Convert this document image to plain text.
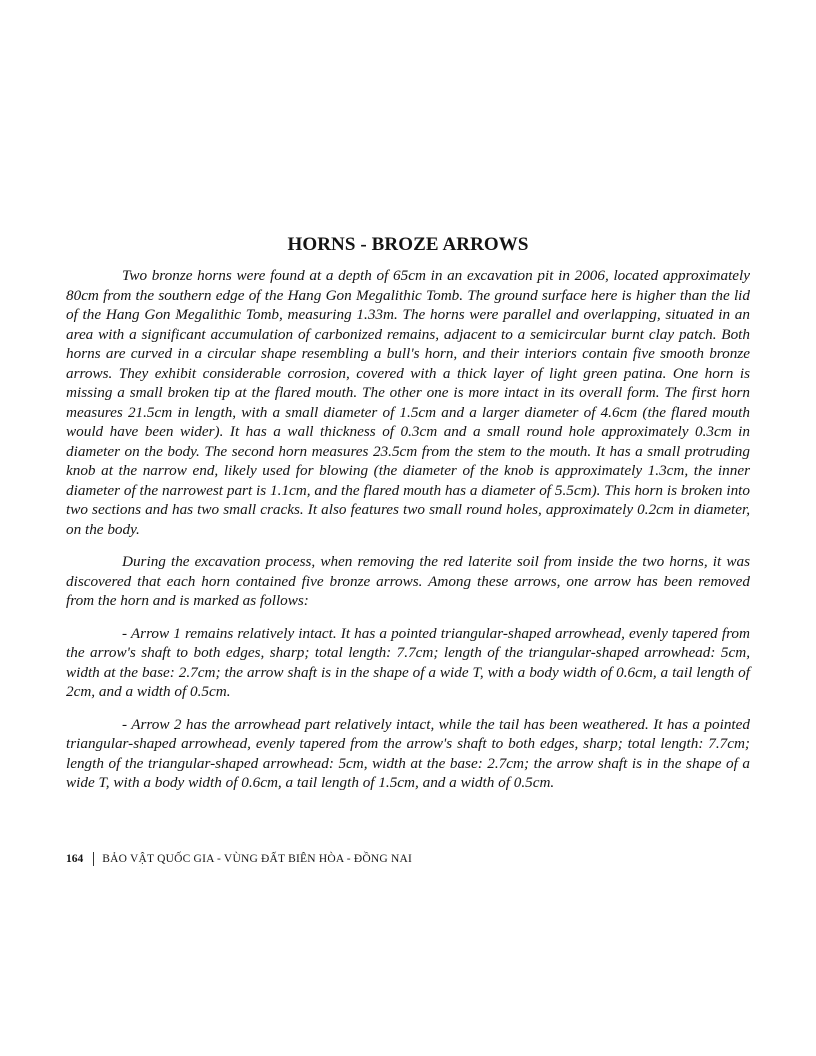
HORNS - BROZE ARROWS

Two bronze horns were found at a depth of 65cm in an excavation pit in 2006, located approximately 80cm from the southern edge of the Hang Gon Megalithic Tomb. The ground surface here is higher than the lid of the Hang Gon Megalithic Tomb, measuring 1.33m. The horns were parallel and overlapping, situated in an area with a significant accumulation of carbonized remains, adjacent to a semicircular burnt clay patch. Both horns are curved in a circular shape resembling a bull's horn, and their interiors contain five smooth bronze arrows. They exhibit considerable corrosion, covered with a thick layer of light green patina. One horn is missing a small broken tip at the flared mouth. The other one is more intact in its overall form. The first horn measures 21.5cm in length, with a small diameter of 1.5cm and a larger diameter of 4.6cm (the flared mouth would have been wider). It has a wall thickness of 0.3cm and a small round hole approximately 0.3cm in diameter on the body. The second horn measures 23.5cm from the stem to the mouth. It has a small protruding knob at the narrow end, likely used for blowing (the diameter of the knob is approximately 1.3cm, the inner diameter of the narrowest part is 1.1cm, and the flared mouth has a diameter of 5.5cm). This horn is broken into two sections and has two small cracks. It also features two small round holes, approximately 0.2cm in diameter, on the body.

During the excavation process, when removing the red laterite soil from inside the two horns, it was discovered that each horn contained five bronze arrows. Among these arrows, one arrow has been removed from the horn and is marked as follows:

- Arrow 1 remains relatively intact. It has a pointed triangular-shaped arrowhead, evenly tapered from the arrow's shaft to both edges, sharp; total length: 7.7cm; length of the triangular-shaped arrowhead: 5cm, width at the base: 2.7cm; the arrow shaft is in the shape of a wide T, with a body width of 0.6cm, a tail length of 2cm, and a width of 0.5cm.

- Arrow 2 has the arrowhead part relatively intact, while the tail has been weathered. It has a pointed triangular-shaped arrowhead, evenly tapered from the arrow's shaft to both edges, sharp; total length: 7.7cm; length of the triangular-shaped arrowhead: 5cm, width at the base: 2.7cm; the arrow shaft is in the shape of a wide T, with a body width of 0.6cm, a tail length of 1.5cm, and a width of 0.5cm.

164 BẢO VẬT QUỐC GIA - VÙNG ĐẤT BIÊN HÒA - ĐỒNG NAI
